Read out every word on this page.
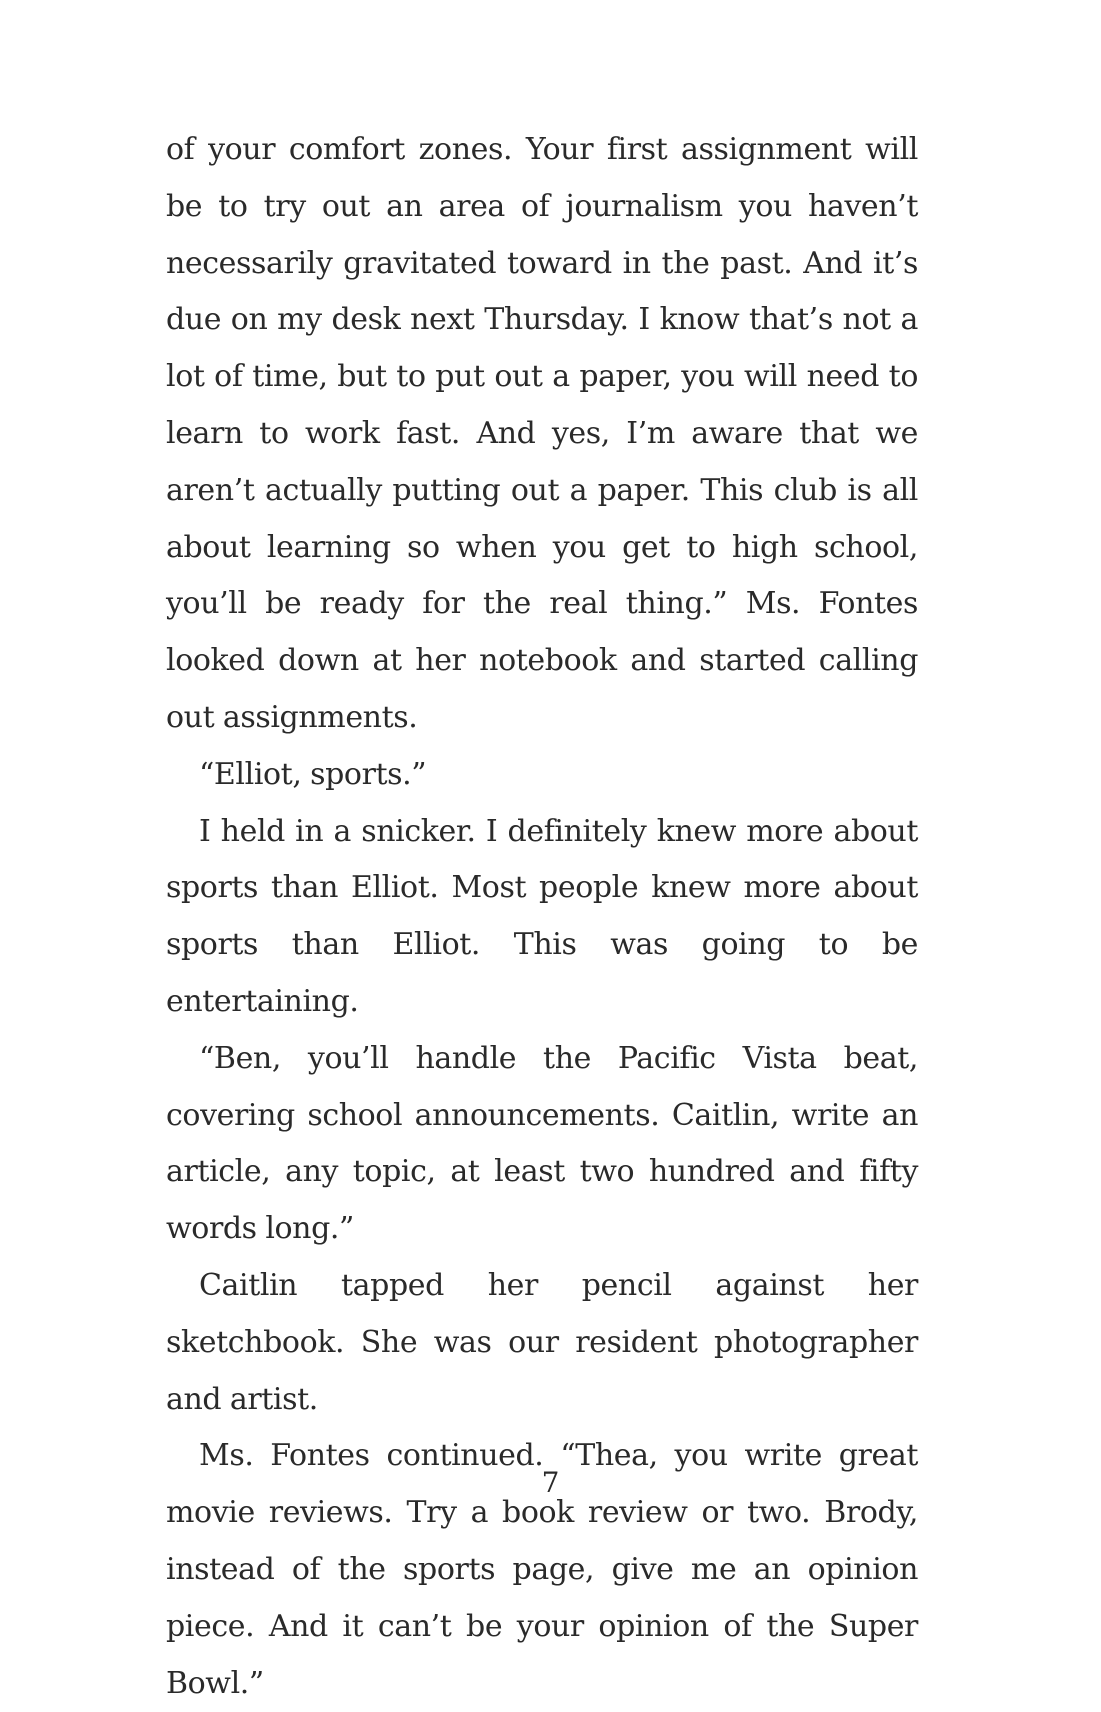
of your comfort zones. Your first assignment will be to try out an area of journalism you haven’t necessarily gravitated toward in the past. And it’s due on my desk next Thursday. I know that’s not a lot of time, but to put out a paper, you will need to learn to work fast. And yes, I’m aware that we aren’t actually putting out a paper. This club is all about learning so when you get to high school, you’ll be ready for the real thing.” Ms. Fontes looked down at her notebook and started calling out assignments.

“Elliot, sports.”

I held in a snicker. I definitely knew more about sports than Elliot. Most people knew more about sports than Elliot. This was going to be entertaining.

“Ben, you’ll handle the Pacific Vista beat, covering school announcements. Caitlin, write an article, any topic, at least two hundred and fifty words long.”

Caitlin tapped her pencil against her sketchbook. She was our resident photographer and artist.

Ms. Fontes continued. “Thea, you write great movie reviews. Try a book review or two. Brody, instead of the sports page, give me an opinion piece. And it can’t be your opinion of the Super Bowl.”

7
